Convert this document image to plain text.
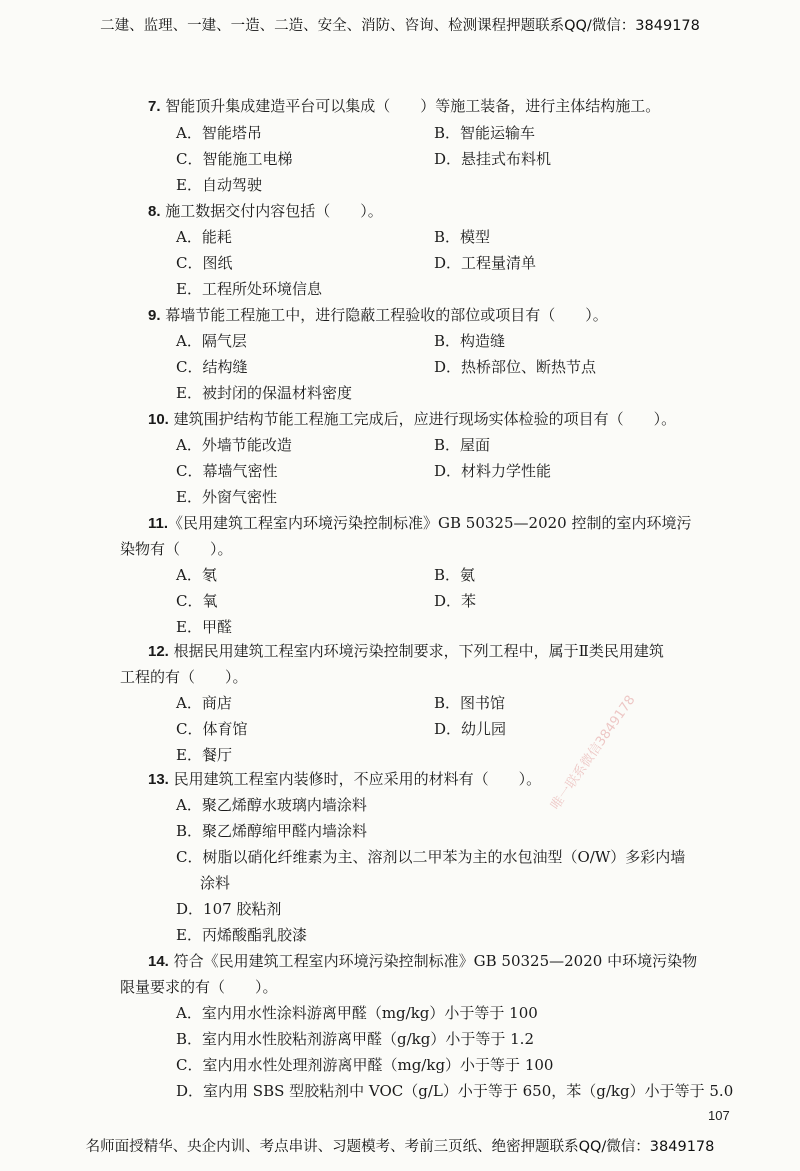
二建、监理、一建、一造、二造、安全、消防、咨询、检测课程押题联系QQ/微信：3849178
7. 智能顶升集成建造平台可以集成（　　）等施工装备，进行主体结构施工。
A．智能塔吊	B．智能运输车
C．智能施工电梯	D．悬挂式布料机
E．自动驾驶
8. 施工数据交付内容包括（　　）。
A．能耗	B．模型
C．图纸	D．工程量清单
E．工程所处环境信息
9. 幕墙节能工程施工中，进行隐蔽工程验收的部位或项目有（　　）。
A．隔气层	B．构造缝
C．结构缝	D．热桥部位、断热节点
E．被封闭的保温材料密度
10. 建筑围护结构节能工程施工完成后，应进行现场实体检验的项目有（　　）。
A．外墙节能改造	B．屋面
C．幕墙气密性	D．材料力学性能
E．外窗气密性
11.《民用建筑工程室内环境污染控制标准》GB 50325—2020 控制的室内环境污
染物有（　　）。
A．氡	B．氨
C．氧	D．苯
E．甲醛
12. 根据民用建筑工程室内环境污染控制要求，下列工程中，属于Ⅱ类民用建筑
工程的有（　　）。
A．商店	B．图书馆
C．体育馆	D．幼儿园
E．餐厅
13. 民用建筑工程室内装修时，不应采用的材料有（　　）。
A．聚乙烯醇水玻璃内墙涂料
B．聚乙烯醇缩甲醛内墙涂料
C．树脂以硝化纤维素为主、溶剂以二甲苯为主的水包油型（O/W）多彩内墙
涂料
D．107 胶粘剂
E．丙烯酸酯乳胶漆
14. 符合《民用建筑工程室内环境污染控制标准》GB 50325—2020 中环境污染物
限量要求的有（　　）。
A．室内用水性涂料游离甲醛（mg/kg）小于等于 100
B．室内用水性胶粘剂游离甲醛（g/kg）小于等于 1.2
C．室内用水性处理剂游离甲醛（mg/kg）小于等于 100
D．室内用 SBS 型胶粘剂中 VOC（g/L）小于等于 650，苯（g/kg）小于等于 5.0
唯一联系微信3849178
107
名师面授精华、央企内训、考点串讲、习题模考、考前三页纸、绝密押题联系QQ/微信：3849178
